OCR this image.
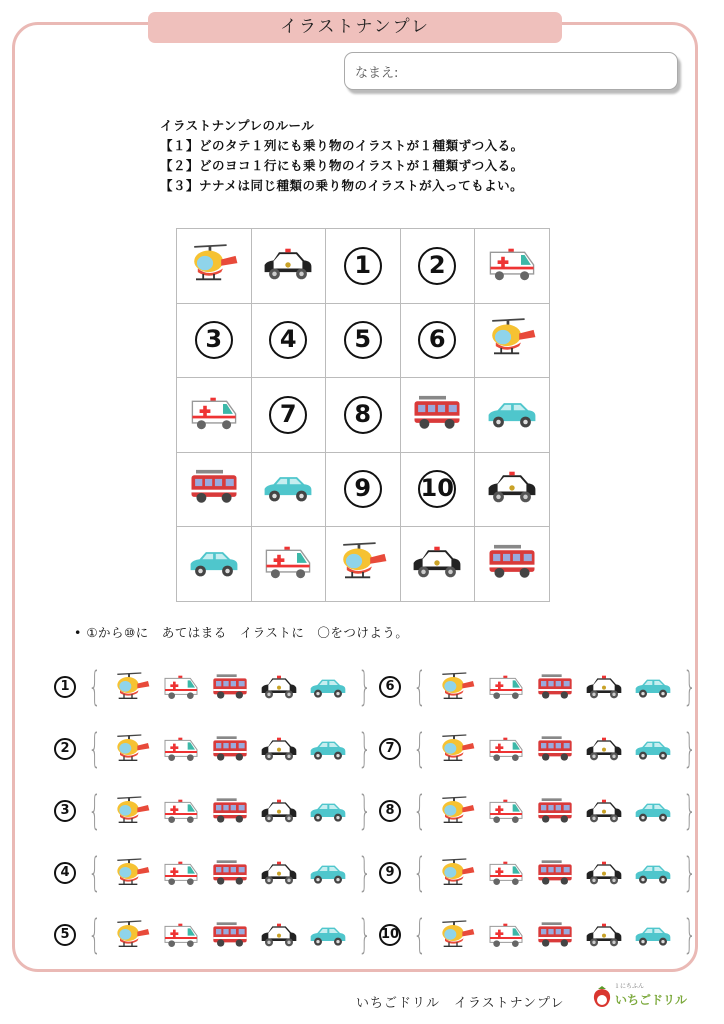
イラストナンプレ
なまえ:
イラストナンプレのルール
【１】どのタテ１列にも乗り物のイラストが１種類ずつ入る。
【２】どのヨコ１行にも乗り物のイラストが１種類ずつ入る。
【３】ナナメは同じ種類の乗り物のイラストが入ってもよい。
		1	2	
3	4	5	6	
	7	8		
		9	10	

• ①から⑩に　あてはまる　イラストに　〇をつけよう。
1 {	}
2 {	}
3 {	}
4 {	}
5 {	}
6 {	}
7 {	}
8 {	}
9 {	}
10 {	}
いちごドリル　イラストナンプレ
１にちふん
いちごドリル
